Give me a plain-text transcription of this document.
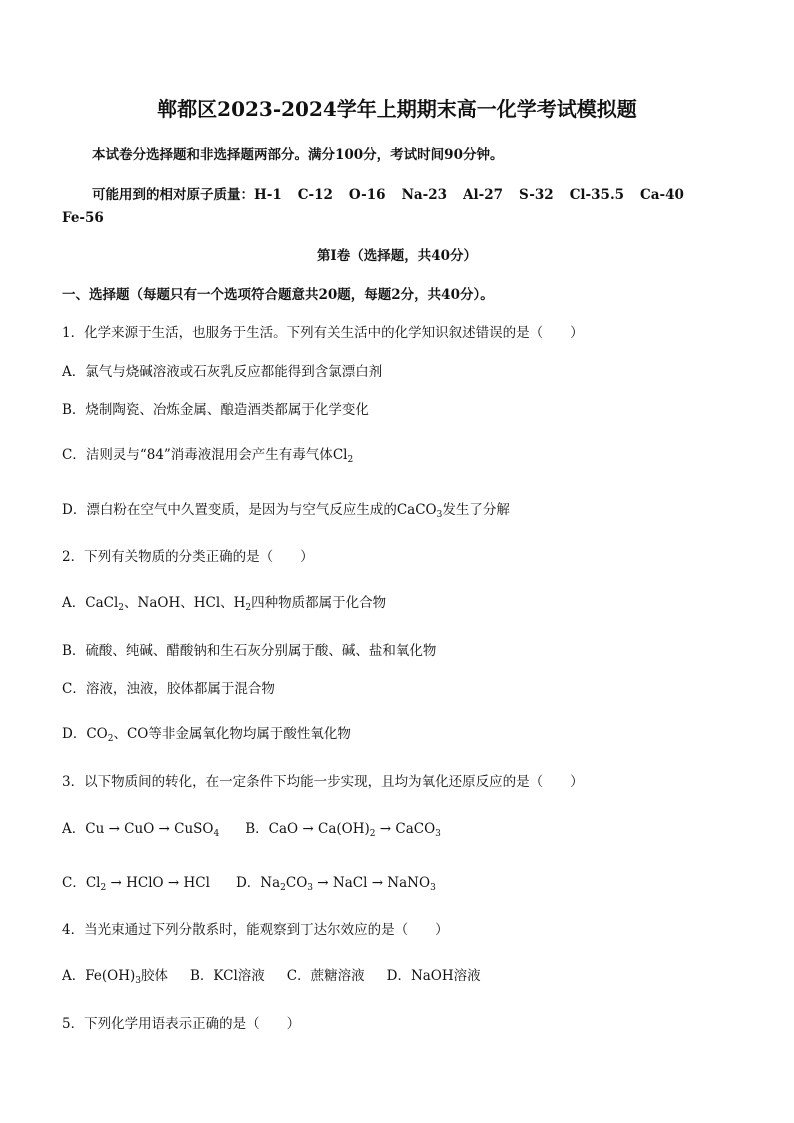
郸都区2023-2024学年上期期末高一化学考试模拟题
本试卷分选择题和非选择题两部分。满分100分，考试时间90分钟。
可能用到的相对原子质量：H-1 C-12 O-16 Na-23 Al-27 S-32 Cl-35.5 Ca-40
Fe-56
第Ⅰ卷（选择题，共40分）
一、选择题（每题只有一个选项符合题意共20题，每题2分，共40分）。
1．化学来源于生活，也服务于生活。下列有关生活中的化学知识叙述错误的是（　　）
A．氯气与烧碱溶液或石灰乳反应都能得到含氯漂白剂
B．烧制陶瓷、冶炼金属、酿造酒类都属于化学变化
C．洁则灵与“84”消毒液混用会产生有毒气体$Cl_2$
D．漂白粉在空气中久置变质，是因为与空气反应生成的CaCO$_3$发生了分解
2．下列有关物质的分类正确的是（　　）
A．CaCl$_2$、NaOH、HCl、$H_2$四种物质都属于化合物
B．硫酸、纯碱、醋酸钠和生石灰分别属于酸、碱、盐和氧化物
C．溶液，浊液，胶体都属于混合物
D．$CO_2$、CO等非金属氧化物均属于酸性氧化物
3．以下物质间的转化，在一定条件下均能一步实现，且均为氧化还原反应的是（　　）
A．Cu → CuO → CuSO$_4$ B．CaO → $Ca(OH)_2$ → CaCO$_3$
C．$Cl_2$ → HClO → HCl D．$Na_2CO_3$ → NaCl → NaNO$_3$
4．当光束通过下列分散系时，能观察到丁达尔效应的是（　　）
A．$Fe(OH)_3$胶体 B．KCl溶液 C．蔗糖溶液 D．NaOH溶液
5．下列化学用语表示正确的是（　　）
